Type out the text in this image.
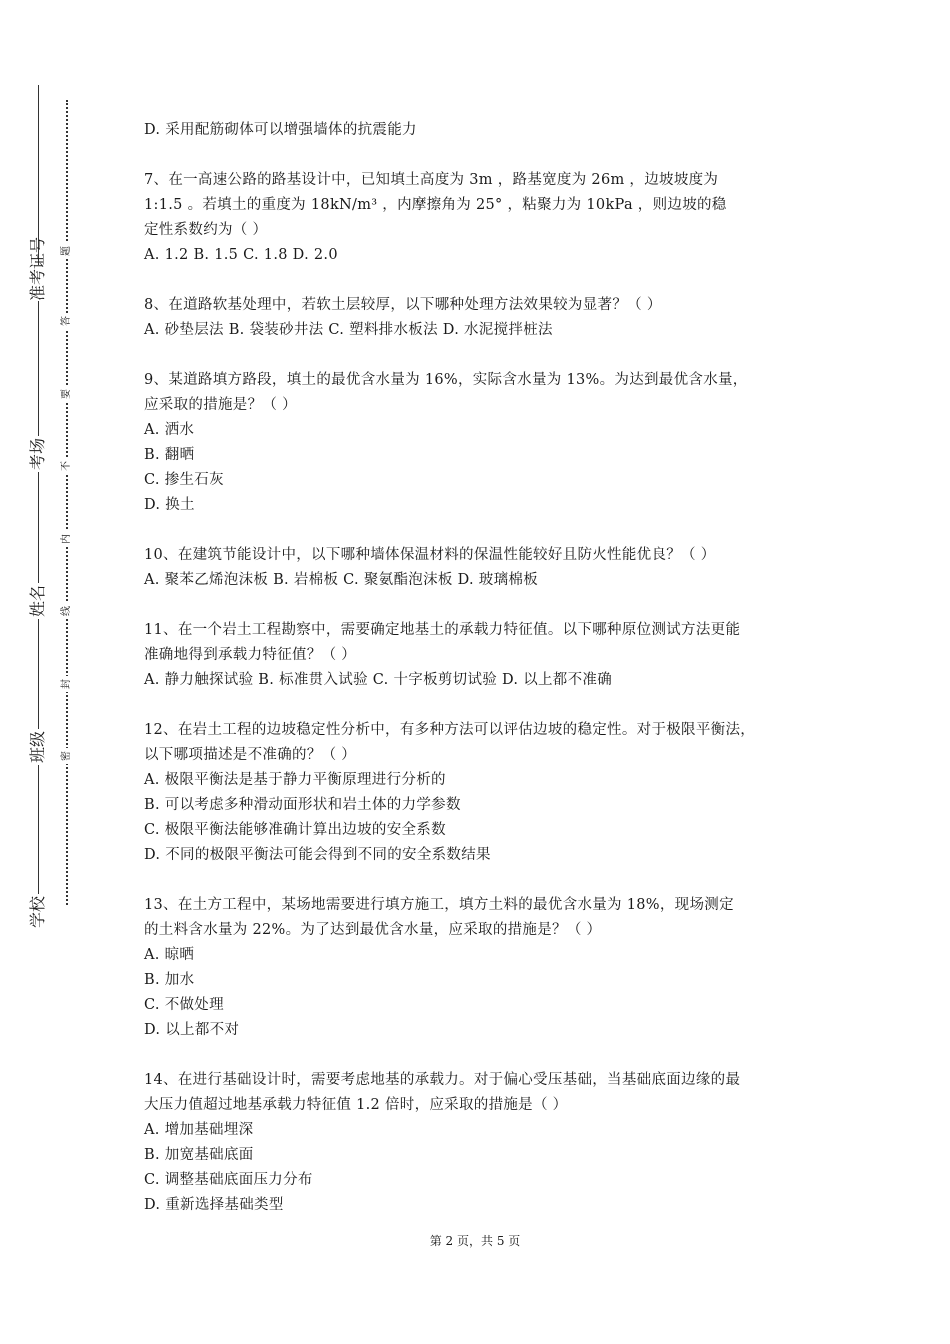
准考证号
考场
姓名
班级
学校
题
答
要
不
内
线
封
密
D. 采用配筋砌体可以增强墙体的抗震能力
7、在一高速公路的路基设计中，已知填土高度为 3m ，路基宽度为 26m ，边坡坡度为
1:1.5 。若填土的重度为 18kN/m³ ，内摩擦角为 25° ，粘聚力为 10kPa ，则边坡的稳
定性系数约为（ ）
A. 1.2 B. 1.5 C. 1.8 D. 2.0
8、在道路软基处理中，若软土层较厚，以下哪种处理方法效果较为显著？（ ）
A. 砂垫层法 B. 袋装砂井法 C. 塑料排水板法 D. 水泥搅拌桩法
9、某道路填方路段，填土的最优含水量为 16%，实际含水量为 13%。为达到最优含水量，
应采取的措施是？（ ）
A. 洒水
B. 翻晒
C. 掺生石灰
D. 换土
10、在建筑节能设计中，以下哪种墙体保温材料的保温性能较好且防火性能优良？（ ）
A. 聚苯乙烯泡沫板 B. 岩棉板 C. 聚氨酯泡沫板 D. 玻璃棉板
11、在一个岩土工程勘察中，需要确定地基土的承载力特征值。以下哪种原位测试方法更能
准确地得到承载力特征值？（ ）
A. 静力触探试验 B. 标准贯入试验 C. 十字板剪切试验 D. 以上都不准确
12、在岩土工程的边坡稳定性分析中，有多种方法可以评估边坡的稳定性。对于极限平衡法，
以下哪项描述是不准确的？（ ）
A. 极限平衡法是基于静力平衡原理进行分析的
B. 可以考虑多种滑动面形状和岩土体的力学参数
C. 极限平衡法能够准确计算出边坡的安全系数
D. 不同的极限平衡法可能会得到不同的安全系数结果
13、在土方工程中，某场地需要进行填方施工，填方土料的最优含水量为 18%，现场测定
的土料含水量为 22%。为了达到最优含水量，应采取的措施是？（ ）
A. 晾晒
B. 加水
C. 不做处理
D. 以上都不对
14、在进行基础设计时，需要考虑地基的承载力。对于偏心受压基础，当基础底面边缘的最
大压力值超过地基承载力特征值 1.2 倍时，应采取的措施是（ ）
A. 增加基础埋深
B. 加宽基础底面
C. 调整基础底面压力分布
D. 重新选择基础类型
第 2 页，共 5 页
